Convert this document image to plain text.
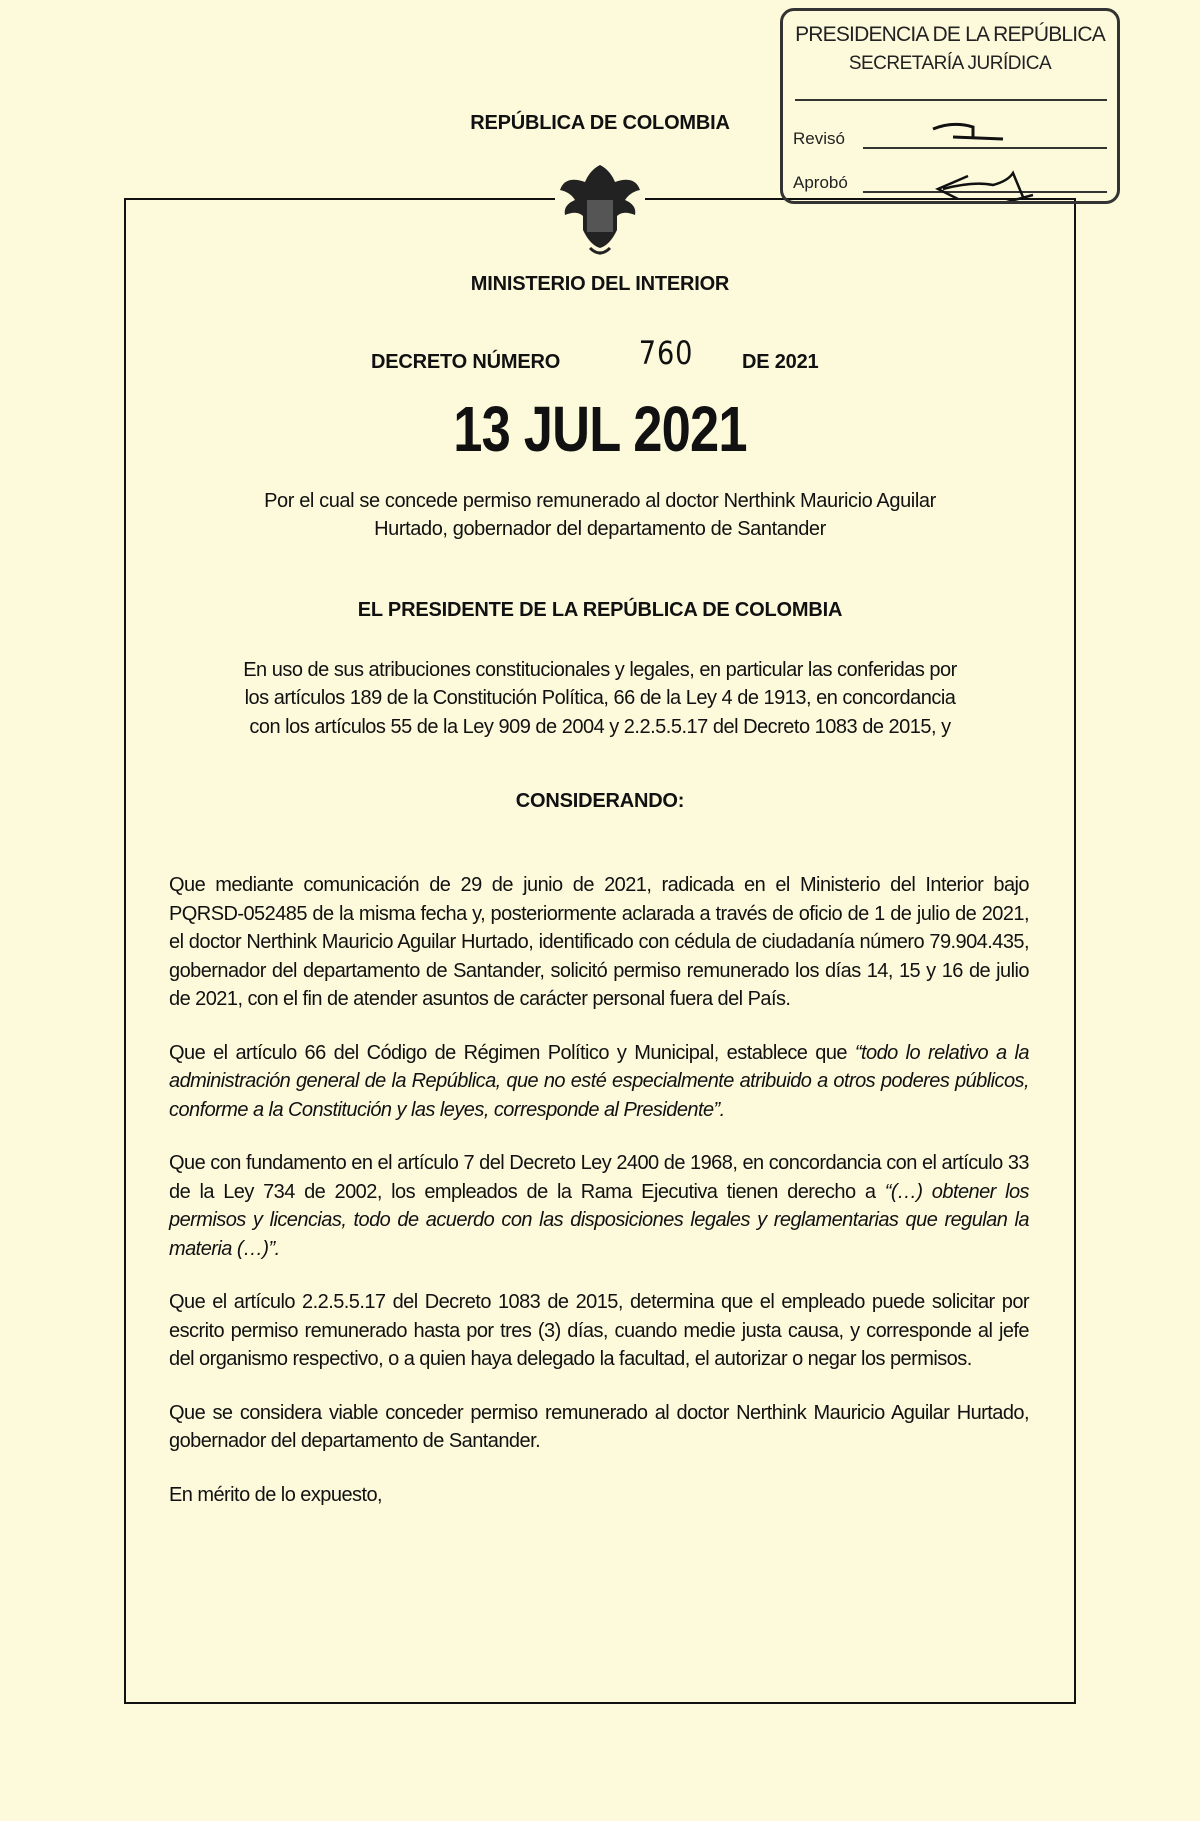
PRESIDENCIA DE LA REPÚBLICA
SECRETARÍA JURÍDICA
Revisó
Aprobó
REPÚBLICA DE COLOMBIA
MINISTERIO DEL INTERIOR
DECRETO NÚMERO 760 DE 2021
13 JUL 2021
Por el cual se concede permiso remunerado al doctor Nerthink Mauricio Aguilar
Hurtado, gobernador del departamento de Santander
EL PRESIDENTE DE LA REPÚBLICA DE COLOMBIA
En uso de sus atribuciones constitucionales y legales, en particular las conferidas por
los artículos 189 de la Constitución Política, 66 de la Ley 4 de 1913, en concordancia
con los artículos 55 de la Ley 909 de 2004 y 2.2.5.5.17 del Decreto 1083 de 2015, y
CONSIDERANDO:
Que mediante comunicación de 29 de junio de 2021, radicada en el Ministerio del Interior bajo PQRSD-052485 de la misma fecha y, posteriormente aclarada a través de oficio de 1 de julio de 2021, el doctor Nerthink Mauricio Aguilar Hurtado, identificado con cédula de ciudadanía número 79.904.435, gobernador del departamento de Santander, solicitó permiso remunerado los días 14, 15 y 16 de julio de 2021, con el fin de atender asuntos de carácter personal fuera del País.
Que el artículo 66 del Código de Régimen Político y Municipal, establece que “todo lo relativo a la administración general de la República, que no esté especialmente atribuido a otros poderes públicos, conforme a la Constitución y las leyes, corresponde al Presidente”.
Que con fundamento en el artículo 7 del Decreto Ley 2400 de 1968, en concordancia con el artículo 33 de la Ley 734 de 2002, los empleados de la Rama Ejecutiva tienen derecho a “(…) obtener los permisos y licencias, todo de acuerdo con las disposiciones legales y reglamentarias que regulan la materia (…)”.
Que el artículo 2.2.5.5.17 del Decreto 1083 de 2015, determina que el empleado puede solicitar por escrito permiso remunerado hasta por tres (3) días, cuando medie justa causa, y corresponde al jefe del organismo respectivo, o a quien haya delegado la facultad, el autorizar o negar los permisos.
Que se considera viable conceder permiso remunerado al doctor Nerthink Mauricio Aguilar Hurtado, gobernador del departamento de Santander.
En mérito de lo expuesto,
